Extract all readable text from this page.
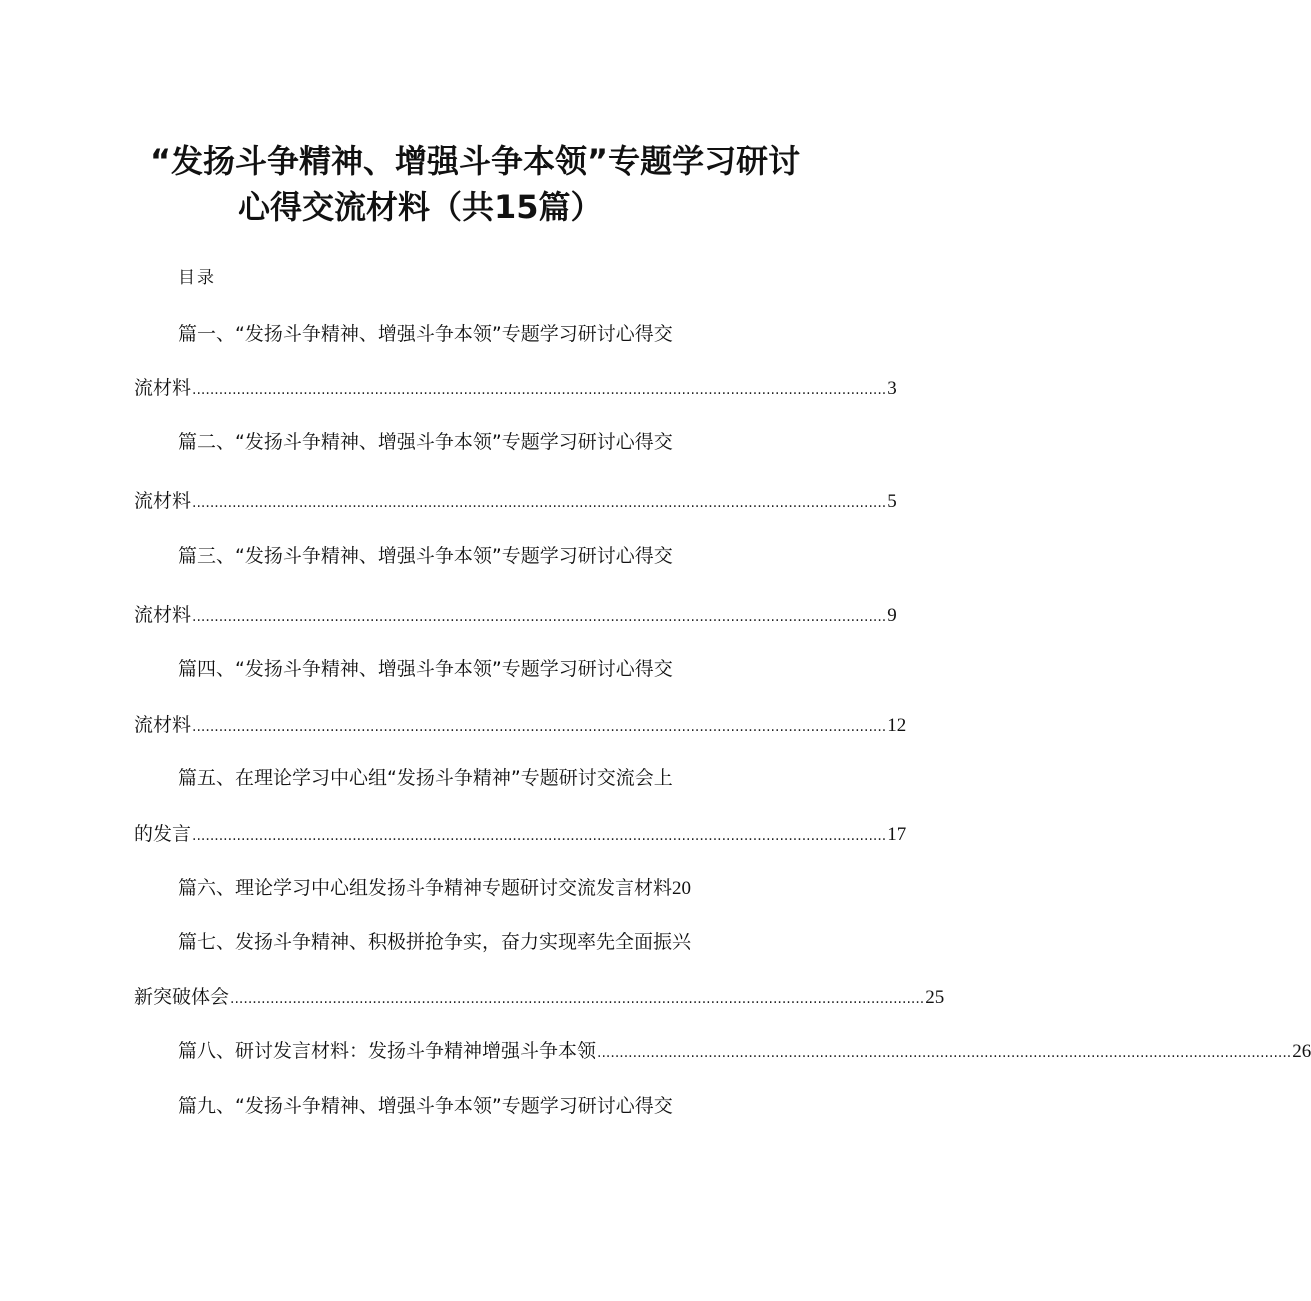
“发扬斗争精神、增强斗争本领”专题学习研讨
心得交流材料（共15篇）
目录
篇一、“发扬斗争精神、增强斗争本领”专题学习研讨心得交
流材料 ............................................................................................................................................................ 3
篇二、“发扬斗争精神、增强斗争本领”专题学习研讨心得交
流材料 ............................................................................................................................................................ 5
篇三、“发扬斗争精神、增强斗争本领”专题学习研讨心得交
流材料 ............................................................................................................................................................ 9
篇四、“发扬斗争精神、增强斗争本领”专题学习研讨心得交
流材料 ............................................................................................................................................................ 12
篇五、在理论学习中心组“发扬斗争精神”专题研讨交流会上
的发言 ............................................................................................................................................................ 17
篇六、理论学习中心组发扬斗争精神专题研讨交流发言材料20
篇七、发扬斗争精神、积极拼抢争实，奋力实现率先全面振兴
新突破体会 ............................................................................................................................................................ 25
篇八、研讨发言材料：发扬斗争精神增强斗争本领 ............................................................................................................................................................ 26
篇九、“发扬斗争精神、增强斗争本领”专题学习研讨心得交
